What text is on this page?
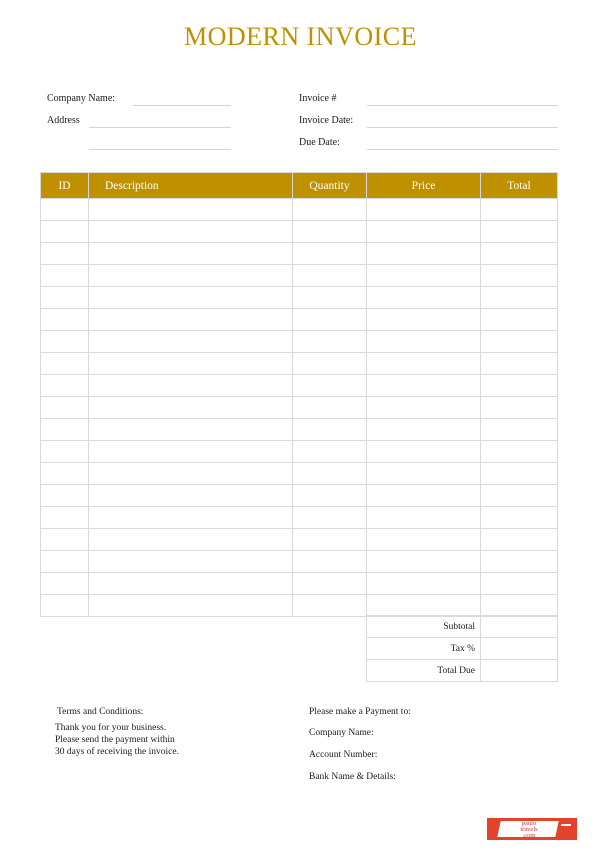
MODERN INVOICE
Company Name:
Address
Invoice #
Invoice Date:
Due Date:
ID	Description	Quantity	Price	Total

Subtotal	
Tax %	
Total Due	
Terms and Conditions:
Thank you for your business.
Please send the payment within
30 days of receiving the invoice.
Please make a Payment to:
Company Name:
Account Number:
Bank Name & Details:
paulo
travels
.com
